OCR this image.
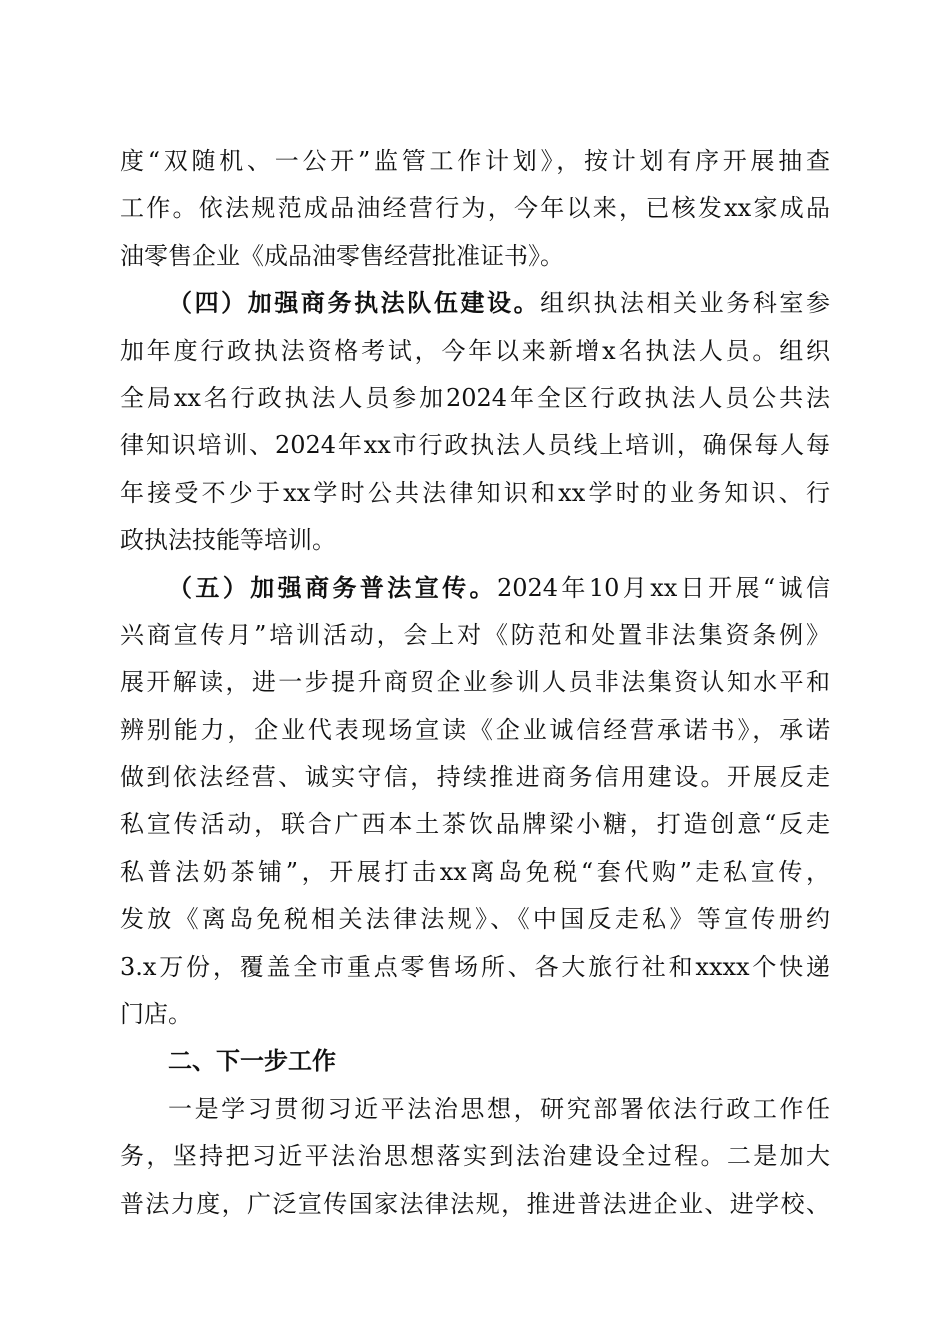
度“双随机、一公开”监管工作计划》，按计划有序开展抽查
工作。依法规范成品油经营行为，今年以来，已核发xx家成品
油零售企业《成品油零售经营批准证书》。
（四）加强商务执法队伍建设。组织执法相关业务科室参
加年度行政执法资格考试，今年以来新增x名执法人员。组织
全局xx名行政执法人员参加2024年全区行政执法人员公共法
律知识培训、2024年xx市行政执法人员线上培训，确保每人每
年接受不少于xx学时公共法律知识和xx学时的业务知识、行
政执法技能等培训。
（五）加强商务普法宣传。2024年10月xx日开展“诚信
兴商宣传月”培训活动，会上对《防范和处置非法集资条例》
展开解读，进一步提升商贸企业参训人员非法集资认知水平和
辨别能力，企业代表现场宣读《企业诚信经营承诺书》，承诺
做到依法经营、诚实守信，持续推进商务信用建设。开展反走
私宣传活动，联合广西本土茶饮品牌梁小糖，打造创意“反走
私普法奶茶铺”，开展打击xx离岛免税“套代购”走私宣传，
发放《离岛免税相关法律法规》、《中国反走私》等宣传册约
3.x万份，覆盖全市重点零售场所、各大旅行社和xxxx个快递
门店。
二、下一步工作
一是学习贯彻习近平法治思想，研究部署依法行政工作任
务，坚持把习近平法治思想落实到法治建设全过程。二是加大
普法力度，广泛宣传国家法律法规，推进普法进企业、进学校、
